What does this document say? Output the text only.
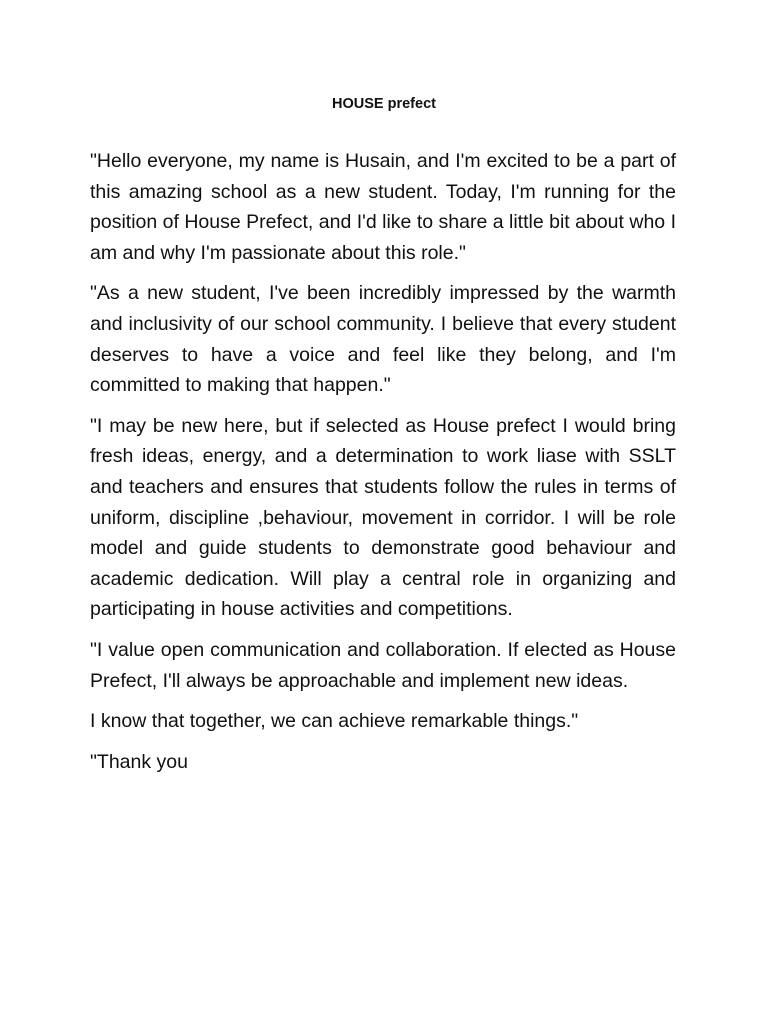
HOUSE prefect

"Hello everyone, my name is Husain, and I'm excited to be a part of this amazing school as a new student. Today, I'm running for the position of House Prefect, and I'd like to share a little bit about who I am and why I'm passionate about this role."

"As a new student, I've been incredibly impressed by the warmth and inclusivity of our school community. I believe that every student deserves to have a voice and feel like they belong, and I'm committed to making that happen."

"I may be new here, but if selected as House prefect I would bring fresh ideas, energy, and a determination to work liase with SSLT and teachers and ensures that students follow the rules in terms of uniform, discipline ,behaviour, movement in corridor. I will be role model and guide students to demonstrate good behaviour and academic dedication. Will play a central role in organizing and participating in house activities and competitions.

"I value open communication and collaboration. If elected as House Prefect, I'll always be approachable and implement new ideas.

I know that together, we can achieve remarkable things."

"Thank you
